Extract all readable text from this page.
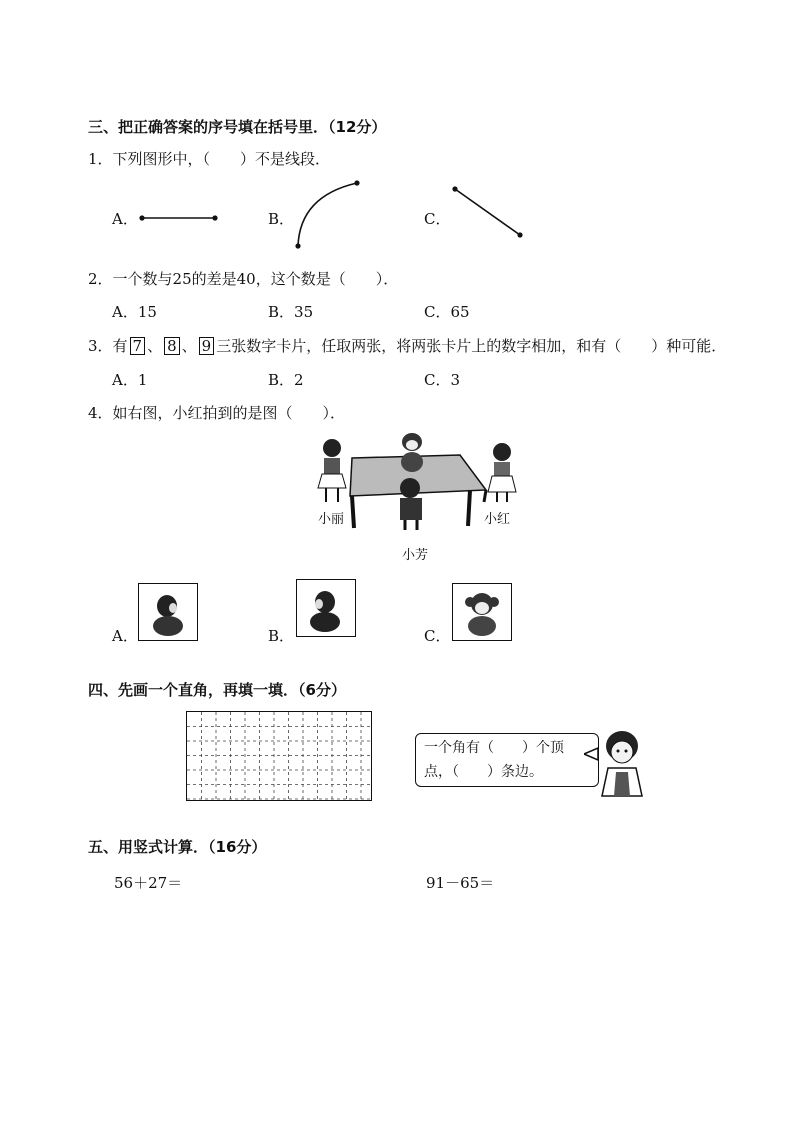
三、把正确答案的序号填在括号里．（12分）
1．下列图形中，（　　）不是线段．
A．	B．	C．
2．一个数与25的差是40，这个数是（　　）．
A．15	B．35	C．65
3．有 7 、 8 、 9 三张数字卡片，任取两张，将两张卡片上的数字相加，和有（　　）种可能．
A．1	B．2	C．3
4．如右图，小红拍到的是图（　　）．
小丽	小红
小芳
A．	B．	C．
四、先画一个直角，再填一填．（6分）
一个角有（　　）个顶
点，（　　）条边。
五、用竖式计算．（16分）
56＋27＝	91－65＝
